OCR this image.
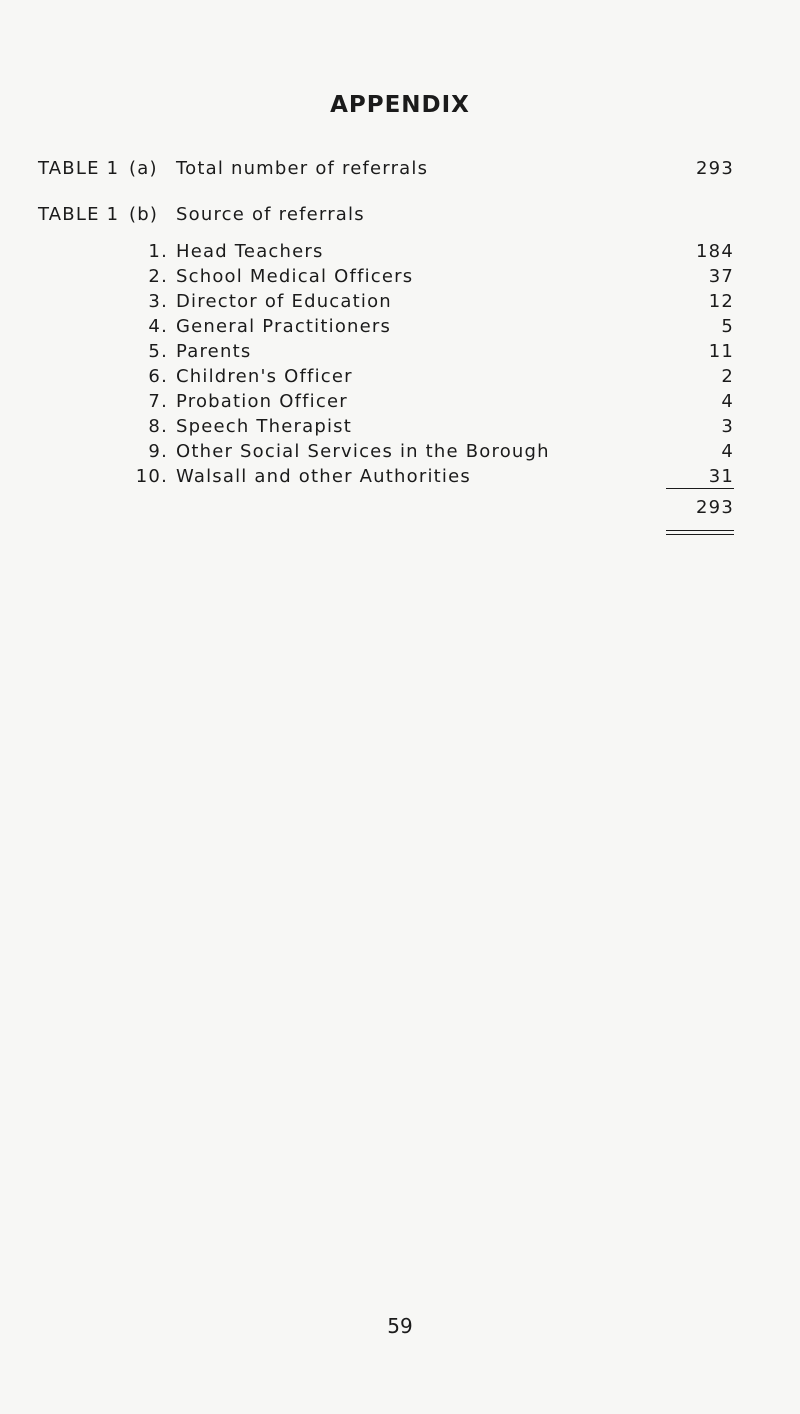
APPENDIX
TABLE 1 (a) Total number of referrals	293
TABLE 1 (b) Source of referrals
1. Head Teachers	184
2. School Medical Officers	37
3. Director of Education	12
4. General Practitioners	5
5. Parents	11
6. Children's Officer	2
7. Probation Officer	4
8. Speech Therapist	3
9. Other Social Services in the Borough	4
10. Walsall and other Authorities	31
293
59
